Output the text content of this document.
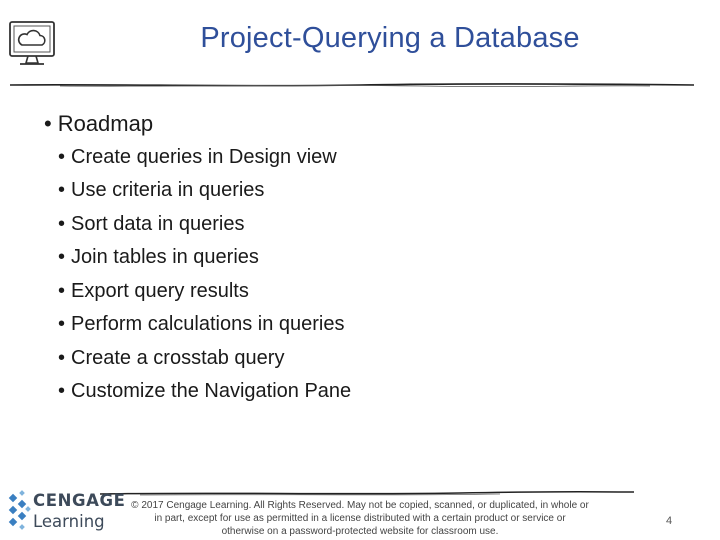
Project-Querying a Database
• Roadmap
• Create queries in Design view
• Use criteria in queries
• Sort data in queries
• Join tables in queries
• Export query results
• Perform calculations in queries
• Create a crosstab query
• Customize the Navigation Pane
CENGAGE
Learning
© 2017 Cengage Learning. All Rights Reserved. May not be copied, scanned, or duplicated, in whole or
in part, except for use as permitted in a license distributed with a certain product or service or
otherwise on a password-protected website for classroom use.
4
